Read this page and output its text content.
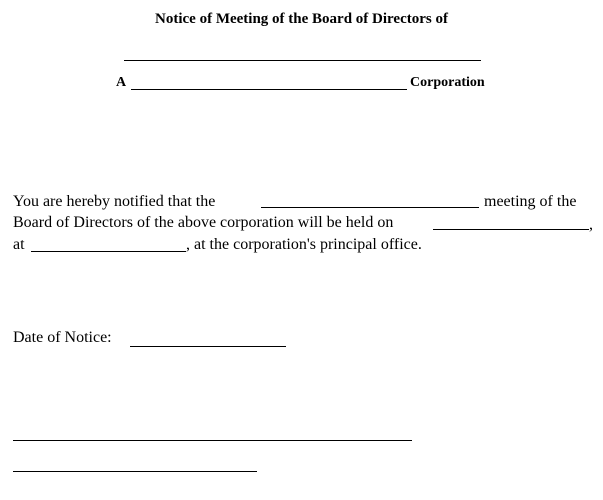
Notice of Meeting of the Board of Directors of
A	Corporation
You are hereby notified that the	meeting of the
Board of Directors of the above corporation will be held on	,
at	, at the corporation's principal office.
Date of Notice:
